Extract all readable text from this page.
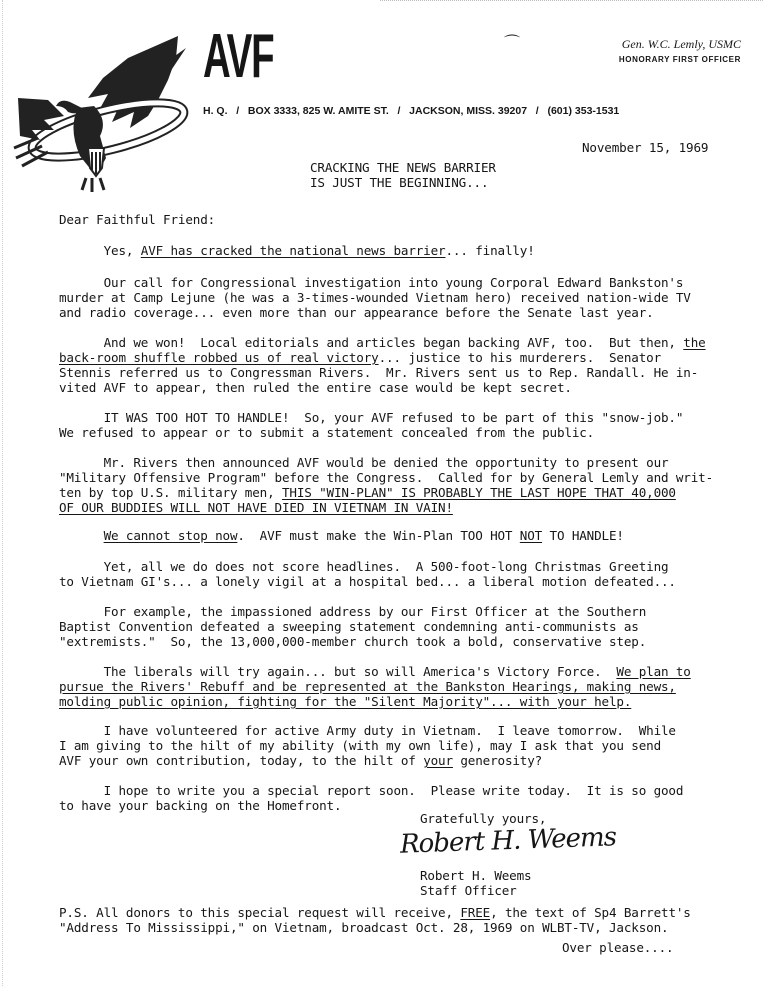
AVF
H. Q.   /   BOX 3333, 825 W. AMITE ST.   /   JACKSON, MISS. 39207   /   (601) 353-1531
Gen. W.C. Lemly, USMC
HONORARY FIRST OFFICER
⌒
November 15, 1969
CRACKING THE NEWS BARRIER
IS JUST THE BEGINNING...
Dear Faithful Friend:
Yes, AVF has cracked the national news barrier... finally!
Our call for Congressional investigation into young Corporal Edward Bankston's
murder at Camp Lejune (he was a 3-times-wounded Vietnam hero) received nation-wide TV
and radio coverage... even more than our appearance before the Senate last year.
And we won!  Local editorials and articles began backing AVF, too.  But then, the
back-room shuffle robbed us of real victory... justice to his murderers.  Senator
Stennis referred us to Congressman Rivers.  Mr. Rivers sent us to Rep. Randall. He in-
vited AVF to appear, then ruled the entire case would be kept secret.
IT WAS TOO HOT TO HANDLE!  So, your AVF refused to be part of this "snow-job."
We refused to appear or to submit a statement concealed from the public.
Mr. Rivers then announced AVF would be denied the opportunity to present our
"Military Offensive Program" before the Congress.  Called for by General Lemly and writ-
ten by top U.S. military men, THIS "WIN-PLAN" IS PROBABLY THE LAST HOPE THAT 40,000
OF OUR BUDDIES WILL NOT HAVE DIED IN VIETNAM IN VAIN!
We cannot stop now.  AVF must make the Win-Plan TOO HOT NOT TO HANDLE!
Yet, all we do does not score headlines.  A 500-foot-long Christmas Greeting
to Vietnam GI's... a lonely vigil at a hospital bed... a liberal motion defeated...
For example, the impassioned address by our First Officer at the Southern
Baptist Convention defeated a sweeping statement condemning anti-communists as
"extremists."  So, the 13,000,000-member church took a bold, conservative step.
The liberals will try again... but so will America's Victory Force.  We plan to
pursue the Rivers' Rebuff and be represented at the Bankston Hearings, making news,
molding public opinion, fighting for the "Silent Majority"... with your help.
I have volunteered for active Army duty in Vietnam.  I leave tomorrow.  While
I am giving to the hilt of my ability (with my own life), may I ask that you send
AVF your own contribution, today, to the hilt of your generosity?
I hope to write you a special report soon.  Please write today.  It is so good
to have your backing on the Homefront.
Gratefully yours,
Robert H. Weems
Robert H. Weems
Staff Officer
P.S. All donors to this special request will receive, FREE, the text of Sp4 Barrett's
"Address To Mississippi," on Vietnam, broadcast Oct. 28, 1969 on WLBT-TV, Jackson.
Over please....
